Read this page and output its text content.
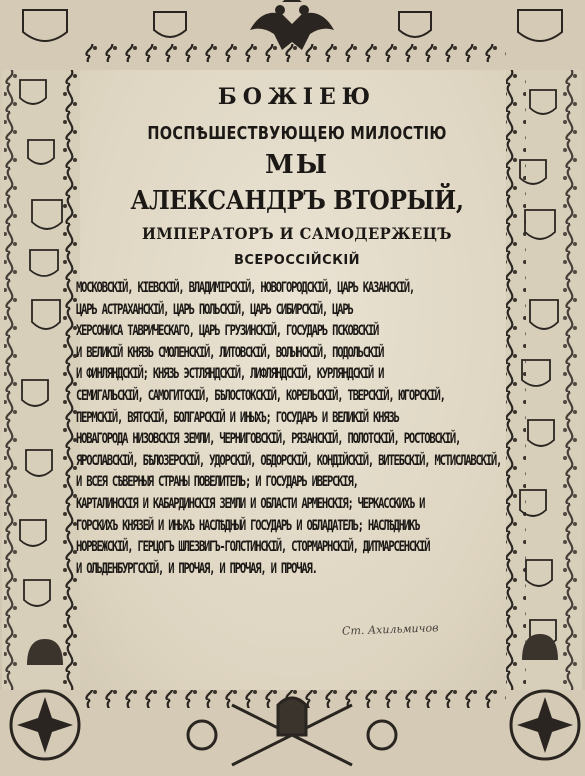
БОЖІЕЮ
ПОСПѢШЕСТВУЮЩЕЮ МИЛОСТІЮ
МЫ
АЛЕКСАНДРЪ ВТОРЫЙ,
ИМПЕРАТОРЪ И САМОДЕРЖЕЦЪ
ВСЕРОССІЙСКІЙ
МОСКОВСКІЙ, КІЕВСКІЙ, ВЛАДИМІРСКІЙ, НОВОГОРОДСКІЙ, ЦАРЬ КАЗАНСКІЙ,
ЦАРЬ АСТРАХАНСКІЙ, ЦАРЬ ПОЛЬСКІЙ, ЦАРЬ СИБИРСКІЙ, ЦАРЬ
ХЕРСОНИСА ТАВРИЧЕСКАГО, ЦАРЬ ГРУЗИНСКІЙ, ГОСУДАРЬ ПСКОВСКІЙ
И ВЕЛИКІЙ КНЯЗЬ СМОЛЕНСКІЙ, ЛИТОВСКІЙ, ВОЛЫНСКІЙ, ПОДОЛЬСКІЙ
И ФИНЛЯНДСКІЙ; КНЯЗЬ ЭСТЛЯНДСКІЙ, ЛИФЛЯНДСКІЙ, КУРЛЯНДСКІЙ И
СЕМИГАЛЬСКІЙ, САМОГИТСКІЙ, БѢЛОСТОКСКІЙ, КОРЕЛЬСКІЙ, ТВЕРСКІЙ, ЮГОРСКІЙ,
ПЕРМСКІЙ, ВЯТСКІЙ, БОЛГАРСКІЙ И ИНЫХЪ; ГОСУДАРЬ И ВЕЛИКІЙ КНЯЗЬ
НОВАГОРОДА НИЗОВСКІЯ ЗЕМЛИ, ЧЕРНИГОВСКІЙ, РЯЗАНСКІЙ, ПОЛОТСКІЙ, РОСТОВСКІЙ,
ЯРОСЛАВСКІЙ, БѢЛОЗЕРСКІЙ, УДОРСКІЙ, ОБДОРСКІЙ, КОНДІЙСКІЙ, ВИТЕБСКІЙ, МСТИСЛАВСКІЙ,
И ВСЕЯ СѢВЕРНЫЯ СТРАНЫ ПОВЕЛИТЕЛЬ; И ГОСУДАРЬ ИВЕРСКІЯ,
КАРТАЛИНСКІЯ И КАБАРДИНСКІЯ ЗЕМЛИ И ОБЛАСТИ АРМЕНСКІЯ; ЧЕРКАССКИХЪ И
ГОРСКИХЪ КНЯЗЕЙ И ИНЫХЪ НАСЛѢДНЫЙ ГОСУДАРЬ И ОБЛАДАТЕЛЬ; НАСЛѢДНИКЪ
НОРВЕЖСКІЙ, ГЕРЦОГЪ ШЛЕЗВИГЪ-ГОЛСТИНСКІЙ, СТОРМАРНСКІЙ, ДИТМАРСЕНСКІЙ
И ОЛЬДЕНБУРГСКІЙ, И ПРОЧАЯ, И ПРОЧАЯ, И ПРОЧАЯ.
Ст. Ахильмичов
